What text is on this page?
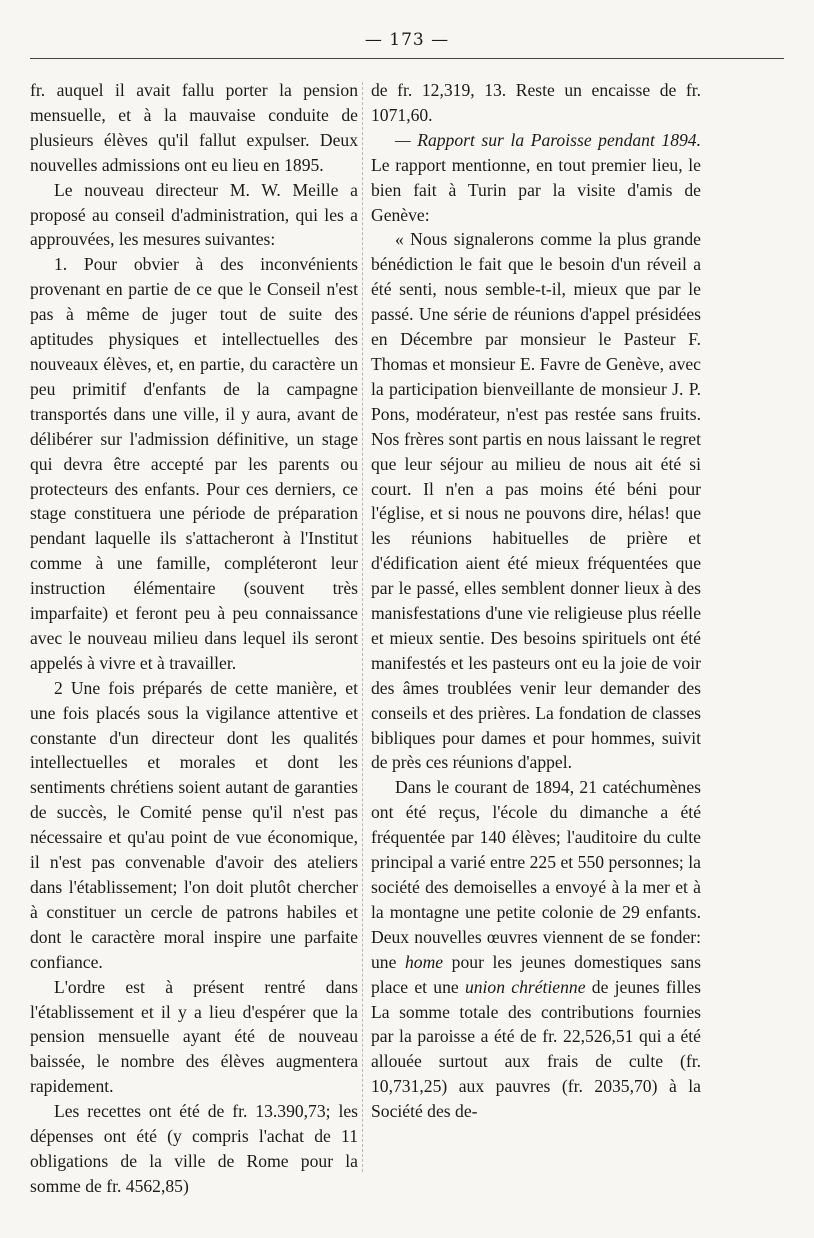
— 173 —

fr. auquel il avait fallu porter la pension mensuelle, et à la mauvaise conduite de plusieurs élèves qu'il fallut expulser. Deux nouvelles admissions ont eu lieu en 1895.

Le nouveau directeur M. W. Meille a proposé au conseil d'administration, qui les a approuvées, les mesures suivantes:

1. Pour obvier à des inconvénients provenant en partie de ce que le Conseil n'est pas à même de juger tout de suite des aptitudes physiques et intellectuelles des nouveaux élèves, et, en partie, du caractère un peu primitif d'enfants de la campagne transportés dans une ville, il y aura, avant de délibérer sur l'admission définitive, un stage qui devra être accepté par les parents ou protecteurs des enfants. Pour ces derniers, ce stage constituera une période de préparation pendant laquelle ils s'attacheront à l'Institut comme à une famille, compléteront leur instruction élémentaire (souvent très imparfaite) et feront peu à peu connaissance avec le nouveau milieu dans lequel ils seront appelés à vivre et à travailler.

2 Une fois préparés de cette manière, et une fois placés sous la vigilance attentive et constante d'un directeur dont les qualités intellectuelles et morales et dont les sentiments chrétiens soient autant de garanties de succès, le Comité pense qu'il n'est pas nécessaire et qu'au point de vue économique, il n'est pas convenable d'avoir des ateliers dans l'établissement; l'on doit plutôt chercher à constituer un cercle de patrons habiles et dont le caractère moral inspire une parfaite confiance.

L'ordre est à présent rentré dans l'établissement et il y a lieu d'espérer que la pension mensuelle ayant été de nouveau baissée, le nombre des élèves augmentera rapidement.

Les recettes ont été de fr. 13.390,73; les dépenses ont été (y compris l'achat de 11 obligations de la ville de Rome pour la somme de fr. 4562,85)

de fr. 12,319, 13. Reste un encaisse de fr. 1071,60.

— Rapport sur la Paroisse pendant 1894. Le rapport mentionne, en tout premier lieu, le bien fait à Turin par la visite d'amis de Genève:

« Nous signalerons comme la plus grande bénédiction le fait que le besoin d'un réveil a été senti, nous semble-t-il, mieux que par le passé. Une série de réunions d'appel présidées en Décembre par monsieur le Pasteur F. Thomas et monsieur E. Favre de Genève, avec la participation bienveillante de monsieur J. P. Pons, modérateur, n'est pas restée sans fruits. Nos frères sont partis en nous laissant le regret que leur séjour au milieu de nous ait été si court. Il n'en a pas moins été béni pour l'église, et si nous ne pouvons dire, hélas! que les réunions habituelles de prière et d'édification aient été mieux fréquentées que par le passé, elles semblent donner lieux à des manisfestations d'une vie religieuse plus réelle et mieux sentie. Des besoins spirituels ont été manifestés et les pasteurs ont eu la joie de voir des âmes troublées venir leur demander des conseils et des prières. La fondation de classes bibliques pour dames et pour hommes, suivit de près ces réunions d'appel.

Dans le courant de 1894, 21 catéchumènes ont été reçus, l'école du dimanche a été fréquentée par 140 élèves; l'auditoire du culte principal a varié entre 225 et 550 personnes; la société des demoiselles a envoyé à la mer et à la montagne une petite colonie de 29 enfants. Deux nouvelles œuvres viennent de se fonder: une home pour les jeunes domestiques sans place et une union chrétienne de jeunes filles La somme totale des contributions fournies par la paroisse a été de fr. 22,526,51 qui a été allouée surtout aux frais de culte (fr. 10,731,25) aux pauvres (fr. 2035,70) à la Société des de-
